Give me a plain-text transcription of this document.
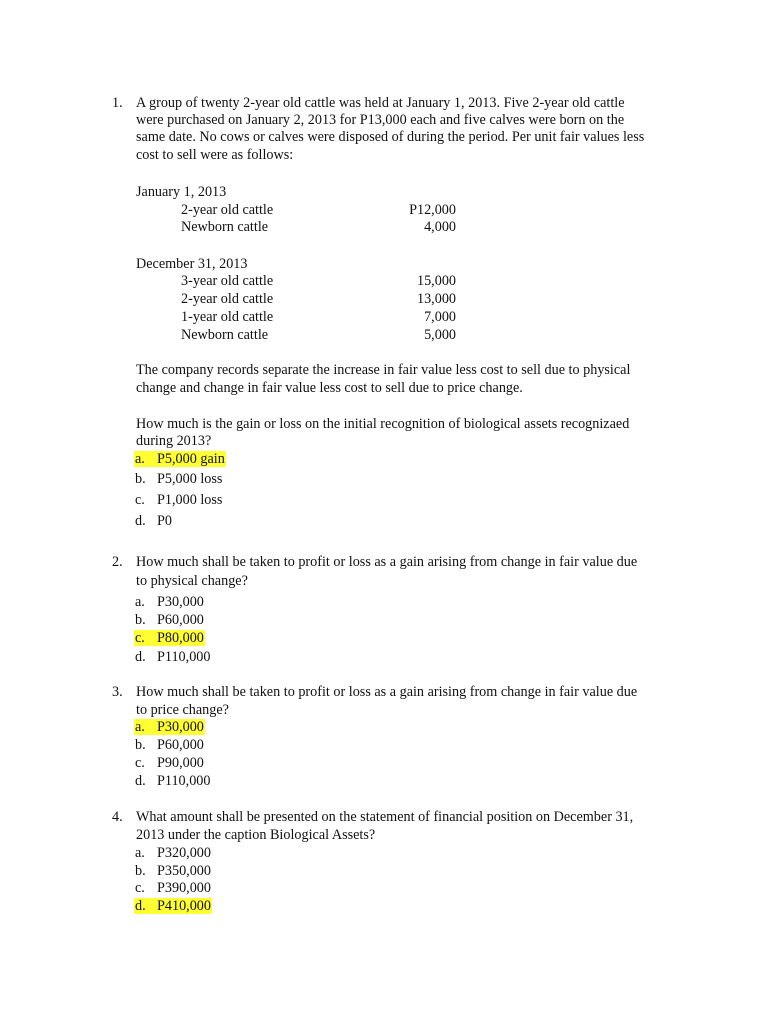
1. A group of twenty 2-year old cattle was held at January 1, 2013. Five 2-year old cattle
were purchased on January 2, 2013 for P13,000 each and five calves were born on the
same date. No cows or calves were disposed of during the period. Per unit fair values less
cost to sell were as follows:
January 1, 2013
2-year old cattle	P12,000
Newborn cattle	4,000
December 31, 2013
3-year old cattle	15,000
2-year old cattle	13,000
1-year old cattle	7,000
Newborn cattle	5,000
The company records separate the increase in fair value less cost to sell due to physical
change and change in fair value less cost to sell due to price change.
How much is the gain or loss on the initial recognition of biological assets recognizaed
during 2013?
a. P5,000 gain
b. P5,000 loss
c. P1,000 loss
d. P0
2. How much shall be taken to profit or loss as a gain arising from change in fair value due
to physical change?
a. P30,000
b. P60,000
c. P80,000
d. P110,000
3. How much shall be taken to profit or loss as a gain arising from change in fair value due
to price change?
a. P30,000
b. P60,000
c. P90,000
d. P110,000
4. What amount shall be presented on the statement of financial position on December 31,
2013 under the caption Biological Assets?
a. P320,000
b. P350,000
c. P390,000
d. P410,000
